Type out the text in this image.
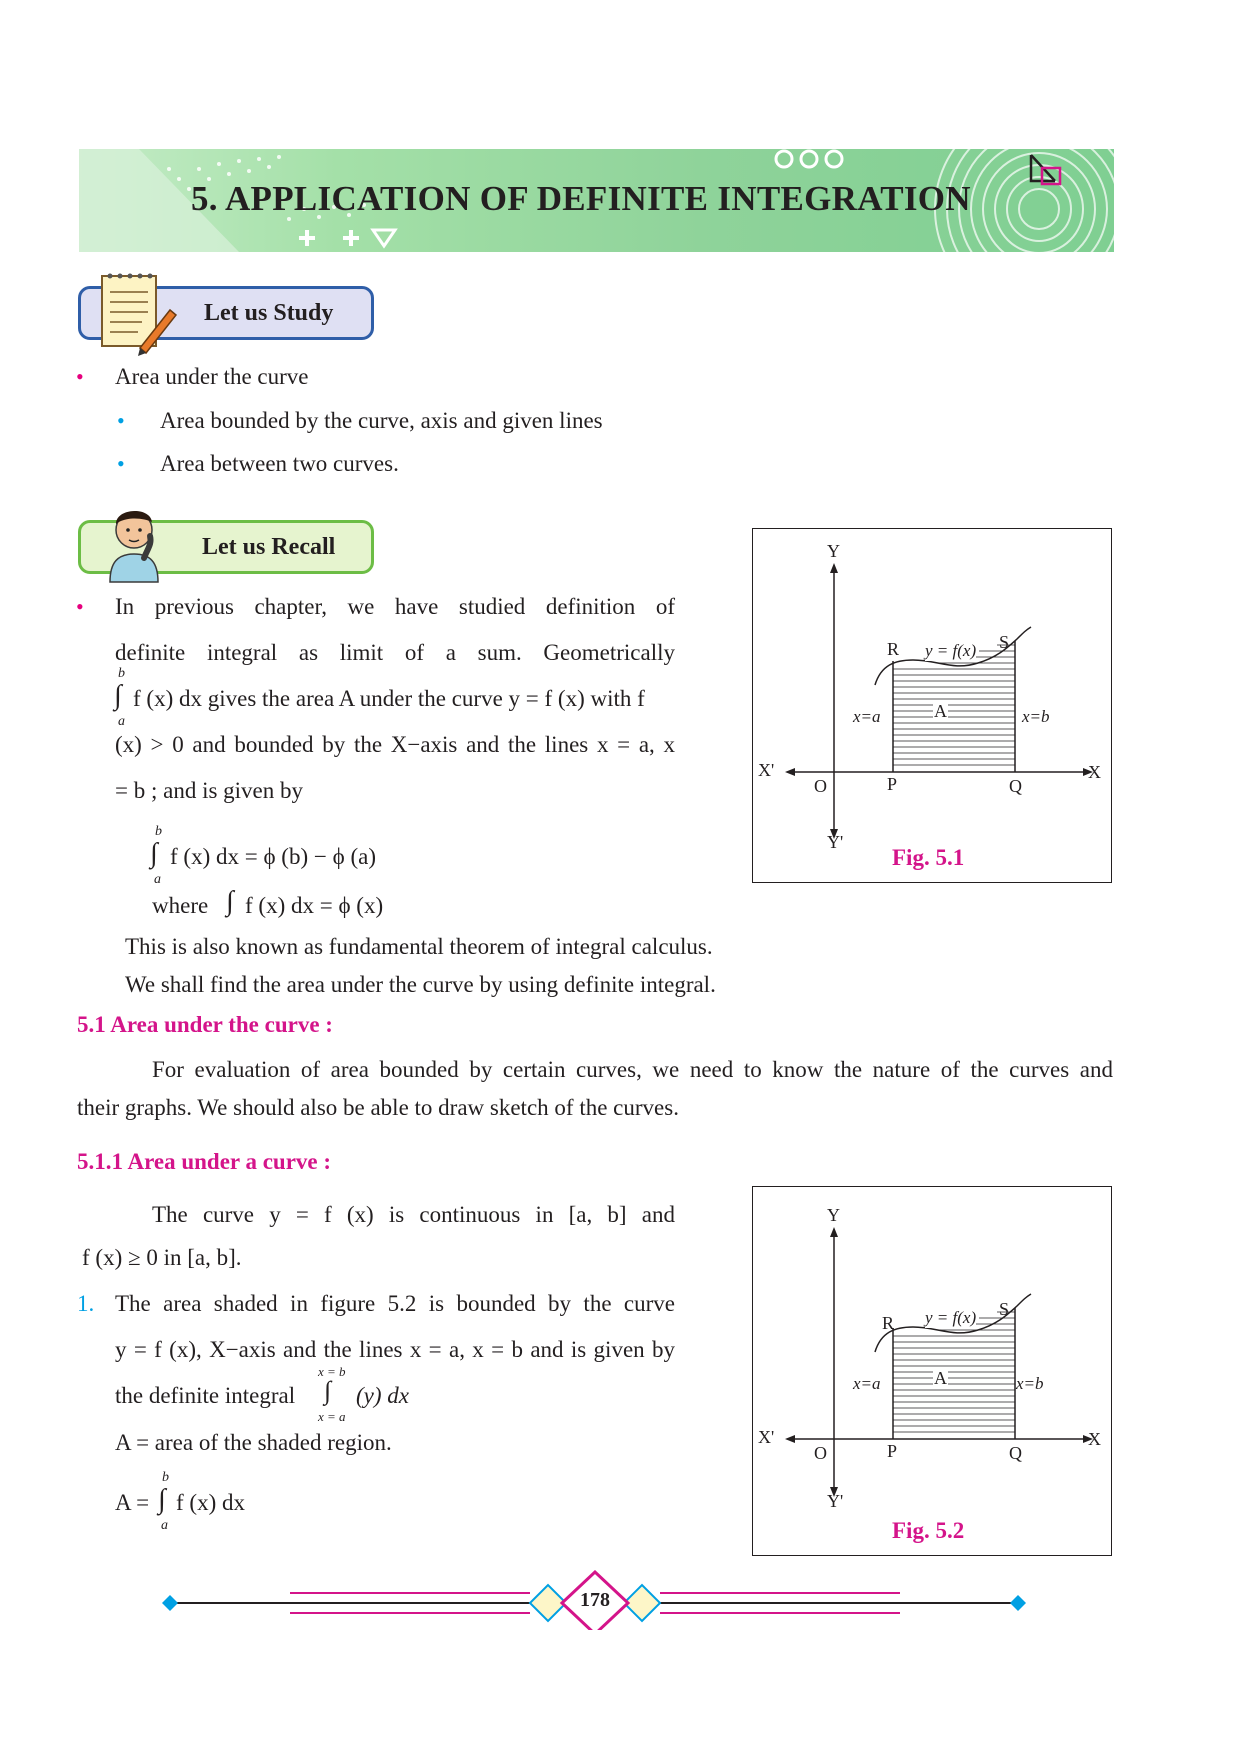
5. APPLICATION OF DEFINITE INTEGRATION
Let us Study
• Area under the curve
• Area bounded by the curve, axis and given lines
• Area between two curves.
Let us Recall
• In previous chapter, we have studied definition of
definite integral as limit of a sum. Geometrically
b
∫
a
f (x) dx gives the area A under the curve y = f (x) with f
(x) > 0 and bounded by the X−axis and the lines x = a, x
= b ; and is given by
b
∫
a
f (x) dx = ϕ (b) − ϕ (a)
where ∫ f (x) dx = ϕ (x)
This is also known as fundamental theorem of integral calculus.
We shall find the area under the curve by using definite integral.
Y
Y'
X'	X
O	P	Q
R	S
A
y = f(x)
x=a	x=b
Fig. 5.1
5.1 Area under the curve :
For evaluation of area bounded by certain curves, we need to know the nature of the curves and
their graphs. We should also be able to draw sketch of the curves.
5.1.1 Area under a curve :
The curve y = f (x) is continuous in [a, b] and
f (x) ≥ 0 in [a, b].
1. The area shaded in figure 5.2 is bounded by the curve
y = f (x), X−axis and the lines x = a, x = b and is given by
the definite integral
x = b
∫
x = a
(y) dx
A = area of the shaded region.
A =
b
∫
a
f (x) dx
Y
Y'
X'	X
O	P	Q
R
S
A
y = f(x)
x=a	x=b
Fig. 5.2
178
